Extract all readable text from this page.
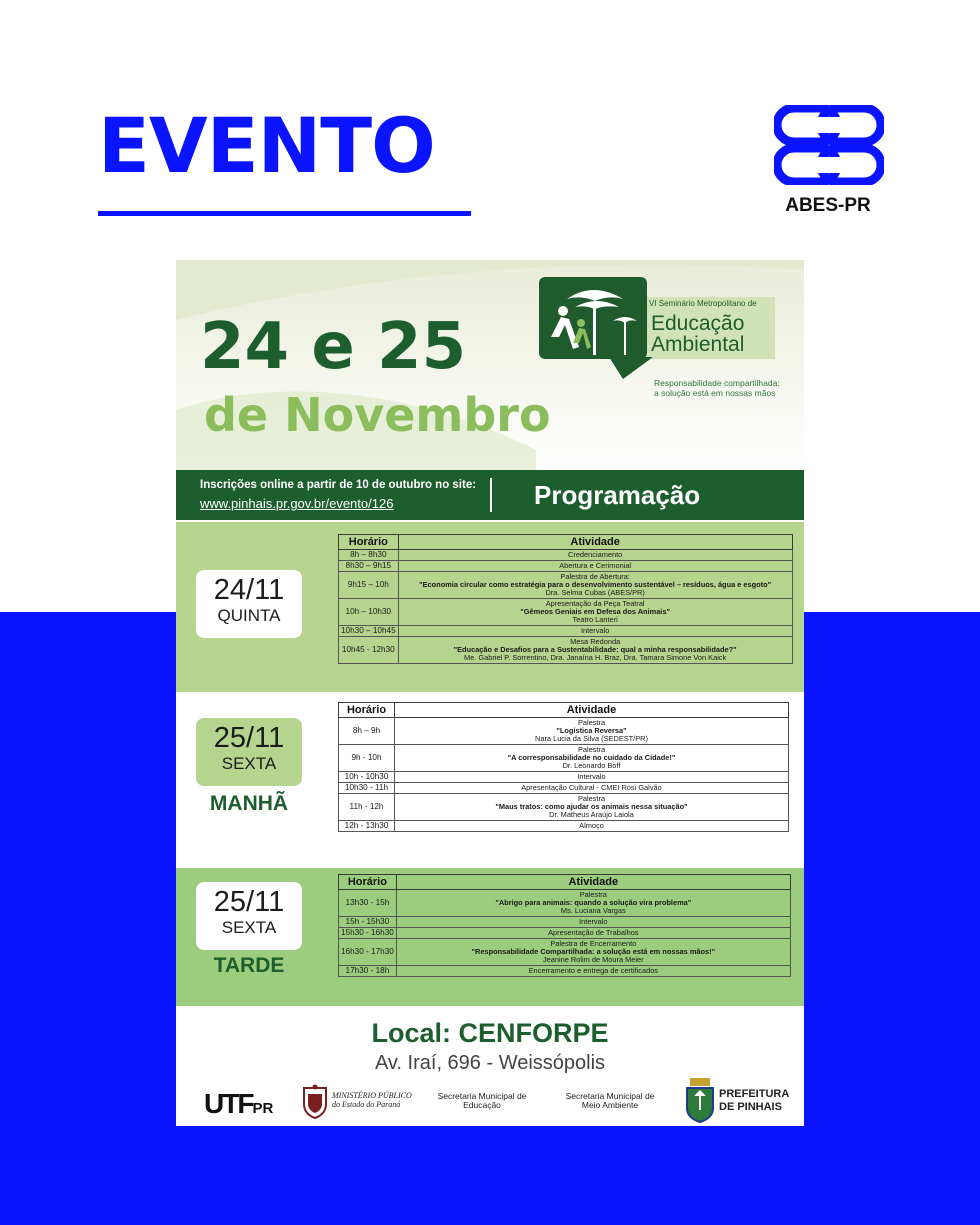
EVENTO
ABES-PR
24 e 25
de Novembro
VI Seminário Metropolitano de
Educação
Ambiental
Responsabilidade compartilhada:
a solução está em nossas mãos
Inscrições online a partir de 10 de outubro no site:
www.pinhais.pr.gov.br/evento/126	Programação
24/11
QUINTA
Horário	Atividade
8h – 8h30	Credenciamento

8h30 – 9h15	Abertura e Cerimonial

9h15 – 10h	Palestra de Abertura:
"Economia circular como estratégia para o desenvolvimento sustentável – resíduos, água e esgoto"
Dra. Selma Cubas (ABES/PR)

10h – 10h30	Apresentação da Peça Teatral
"Gêmeos Geniais em Defesa dos Animais"
Teatro Lanteri

10h30 – 10h45	Intervalo

10h45 - 12h30	Mesa Redonda
"Educação e Desafios para a Sustentabilidade: qual a minha responsabilidade?"
Me. Gabriel P. Sorrentino, Dra. Janaína H. Braz, Dra. Tamara Simone Von Kaick
25/11
SEXTA
MANHÃ
Horário	Atividade
8h – 9h	Palestra
"Logística Reversa"
Nara Lucia da Silva (SEDEST/PR)

9h - 10h	Palestra
"A corresponsabilidade no cuidado da Cidade!"
Dr. Leonardo Boff

10h - 10h30	Intervalo

10h30 - 11h	Apresentação Cultural - CMEI Rosi Galvão

11h - 12h	Palestra
"Maus tratos: como ajudar os animais nessa situação"
Dr. Matheus Araújo Laiola

12h - 13h30	Almoço
25/11
SEXTA
TARDE
Horário	Atividade
13h30 - 15h	Palestra
"Abrigo para animais: quando a solução vira problema"
Ms. Luciana Vargas

15h - 15h30	Intervalo

15h30 - 16h30	Apresentação de Trabalhos

16h30 - 17h30	Palestra de Encerramento
"Responsabilidade Compartilhada: a solução está em nossas mãos!"
Jeanine Rolim de Moura Meier

17h30 - 18h	Encerramento e entrega de certificados
Local: CENFORPE
Av. Iraí, 696 - Weissópolis
UTFPR
MINISTÉRIO PÚBLICO
do Estado do Paraná
Secretaria Municipal de
Educação
Secretaria Municipal de
Meio Ambiente
PREFEITURA
DE PINHAIS
